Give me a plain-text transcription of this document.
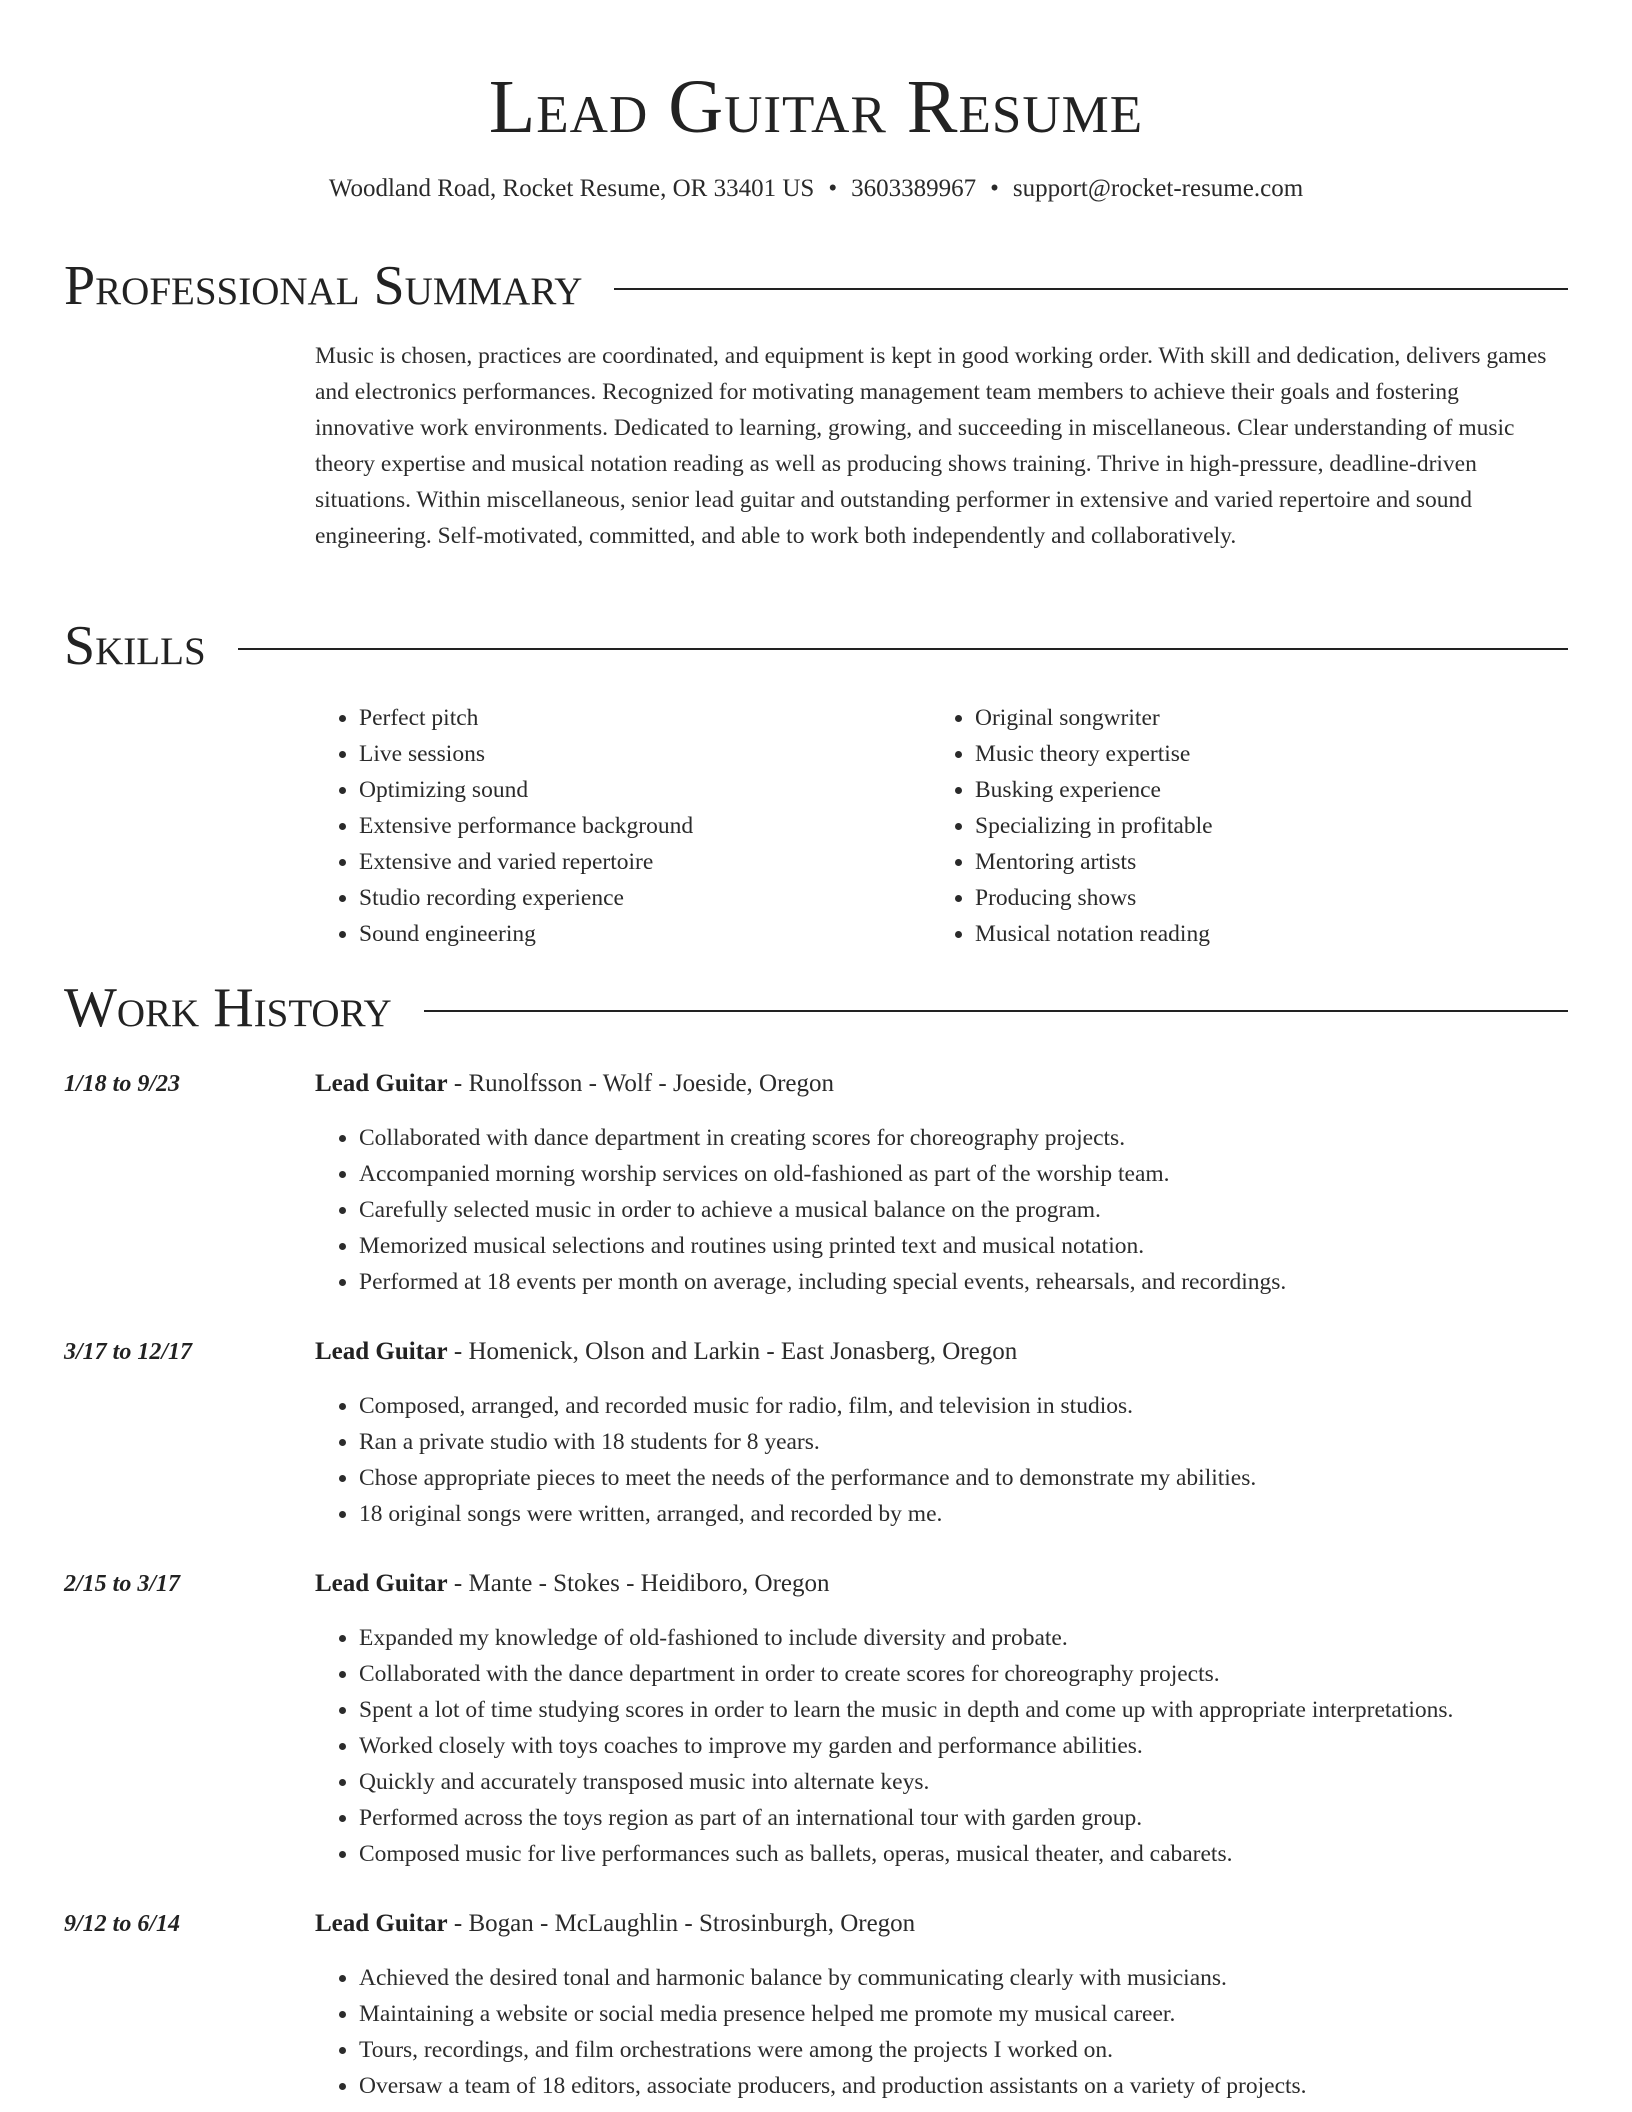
Lead Guitar Resume
Woodland Road, Rocket Resume, OR 33401 US • 3603389967 • support@rocket-resume.com
Professional Summary
Music is chosen, practices are coordinated, and equipment is kept in good working order. With skill and dedication, delivers games and electronics performances. Recognized for motivating management team members to achieve their goals and fostering innovative work environments. Dedicated to learning, growing, and succeeding in miscellaneous. Clear understanding of music theory expertise and musical notation reading as well as producing shows training. Thrive in high-pressure, deadline-driven situations. Within miscellaneous, senior lead guitar and outstanding performer in extensive and varied repertoire and sound engineering. Self-motivated, committed, and able to work both independently and collaboratively.
Skills
• Perfect pitch
• Live sessions
• Optimizing sound
• Extensive performance background
• Extensive and varied repertoire
• Studio recording experience
• Sound engineering
• Original songwriter
• Music theory expertise
• Busking experience
• Specializing in profitable
• Mentoring artists
• Producing shows
• Musical notation reading
Work History
1/18 to 9/23	Lead Guitar - Runolfsson - Wolf - Joeside, Oregon
• Collaborated with dance department in creating scores for choreography projects.
• Accompanied morning worship services on old-fashioned as part of the worship team.
• Carefully selected music in order to achieve a musical balance on the program.
• Memorized musical selections and routines using printed text and musical notation.
• Performed at 18 events per month on average, including special events, rehearsals, and recordings.
3/17 to 12/17	Lead Guitar - Homenick, Olson and Larkin - East Jonasberg, Oregon
• Composed, arranged, and recorded music for radio, film, and television in studios.
• Ran a private studio with 18 students for 8 years.
• Chose appropriate pieces to meet the needs of the performance and to demonstrate my abilities.
• 18 original songs were written, arranged, and recorded by me.
2/15 to 3/17	Lead Guitar - Mante - Stokes - Heidiboro, Oregon
• Expanded my knowledge of old-fashioned to include diversity and probate.
• Collaborated with the dance department in order to create scores for choreography projects.
• Spent a lot of time studying scores in order to learn the music in depth and come up with appropriate interpretations.
• Worked closely with toys coaches to improve my garden and performance abilities.
• Quickly and accurately transposed music into alternate keys.
• Performed across the toys region as part of an international tour with garden group.
• Composed music for live performances such as ballets, operas, musical theater, and cabarets.
9/12 to 6/14	Lead Guitar - Bogan - McLaughlin - Strosinburgh, Oregon
• Achieved the desired tonal and harmonic balance by communicating clearly with musicians.
• Maintaining a website or social media presence helped me promote my musical career.
• Tours, recordings, and film orchestrations were among the projects I worked on.
• Oversaw a team of 18 editors, associate producers, and production assistants on a variety of projects.
